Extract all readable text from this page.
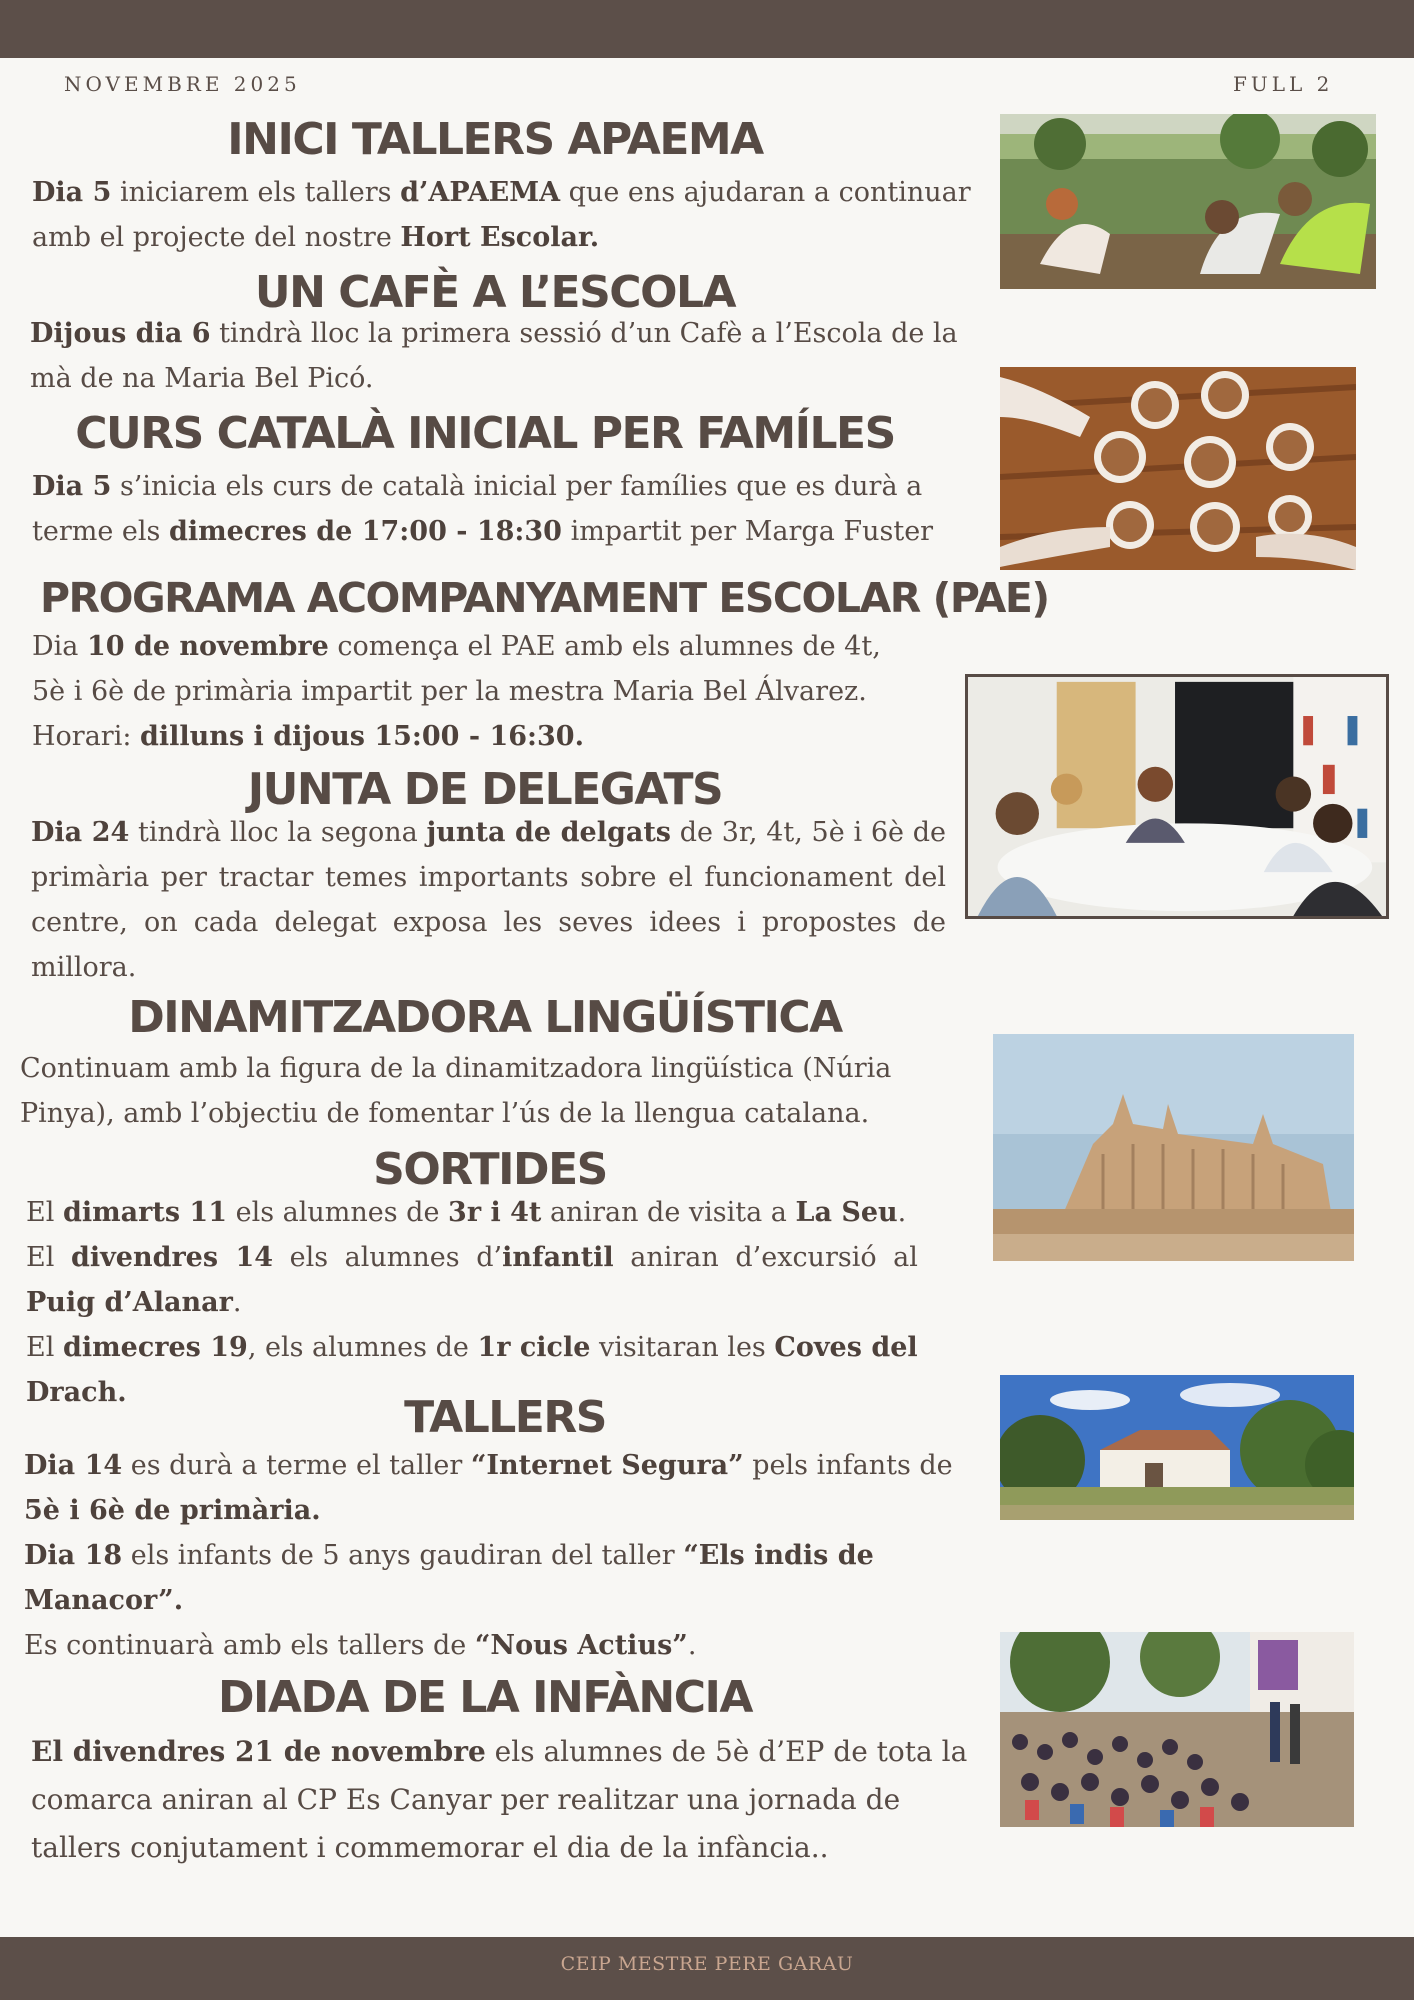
NOVEMBRE 2025	FULL 2
INICI TALLERS APAEMA

Dia 5 iniciarem els tallers d’APAEMA que ens ajudaran a continuar
amb el projecte del nostre Hort Escolar.

UN CAFÈ A L’ESCOLA

Dijous dia 6 tindrà lloc la primera sessió d’un Cafè a l’Escola de la
mà de na Maria Bel Picó.

CURS CATALÀ INICIAL PER FAMÍLES

Dia 5 s’inicia els curs de català inicial per famílies que es durà a
terme els dimecres de 17:00 - 18:30 impartit per Marga Fuster

PROGRAMA ACOMPANYAMENT ESCOLAR (PAE)

Dia 10 de novembre comença el PAE amb els alumnes de 4t,
5è i 6è de primària impartit per la mestra Maria Bel Álvarez.
Horari: dilluns i dijous 15:00 - 16:30.

JUNTA DE DELEGATS

Dia 24 tindrà lloc la segona junta de delgats de 3r, 4t, 5è i 6è de primària per tractar temes importants sobre el funcionament del centre, on cada delegat exposa les seves idees i propostes de millora.

DINAMITZADORA LINGÜÍSTICA

Continuam amb la figura de la dinamitzadora lingüística (Núria
Pinya), amb l’objectiu de fomentar l’ús de la llengua catalana.

SORTIDES

El dimarts 11 els alumnes de 3r i 4t aniran de visita a La Seu.
El divendres 14 els alumnes d’infantil aniran d’excursió al
Puig d’Alanar.
El dimecres 19, els alumnes de 1r cicle visitaran les Coves del Drach.	TALLERS

Dia 14 es durà a terme el taller “Internet Segura” pels infants de
5è i 6è de primària.
Dia 18 els infants de 5 anys gaudiran del taller “Els indis de
Manacor”.
Es continuarà amb els tallers de “Nous Actius”.

DIADA DE LA INFÀNCIA

El divendres 21 de novembre els alumnes de 5è d’EP de tota la
comarca aniran al CP Es Canyar per realitzar una jornada de
tallers conjutament i commemorar el dia de la infància..

CEIP MESTRE PERE GARAU
